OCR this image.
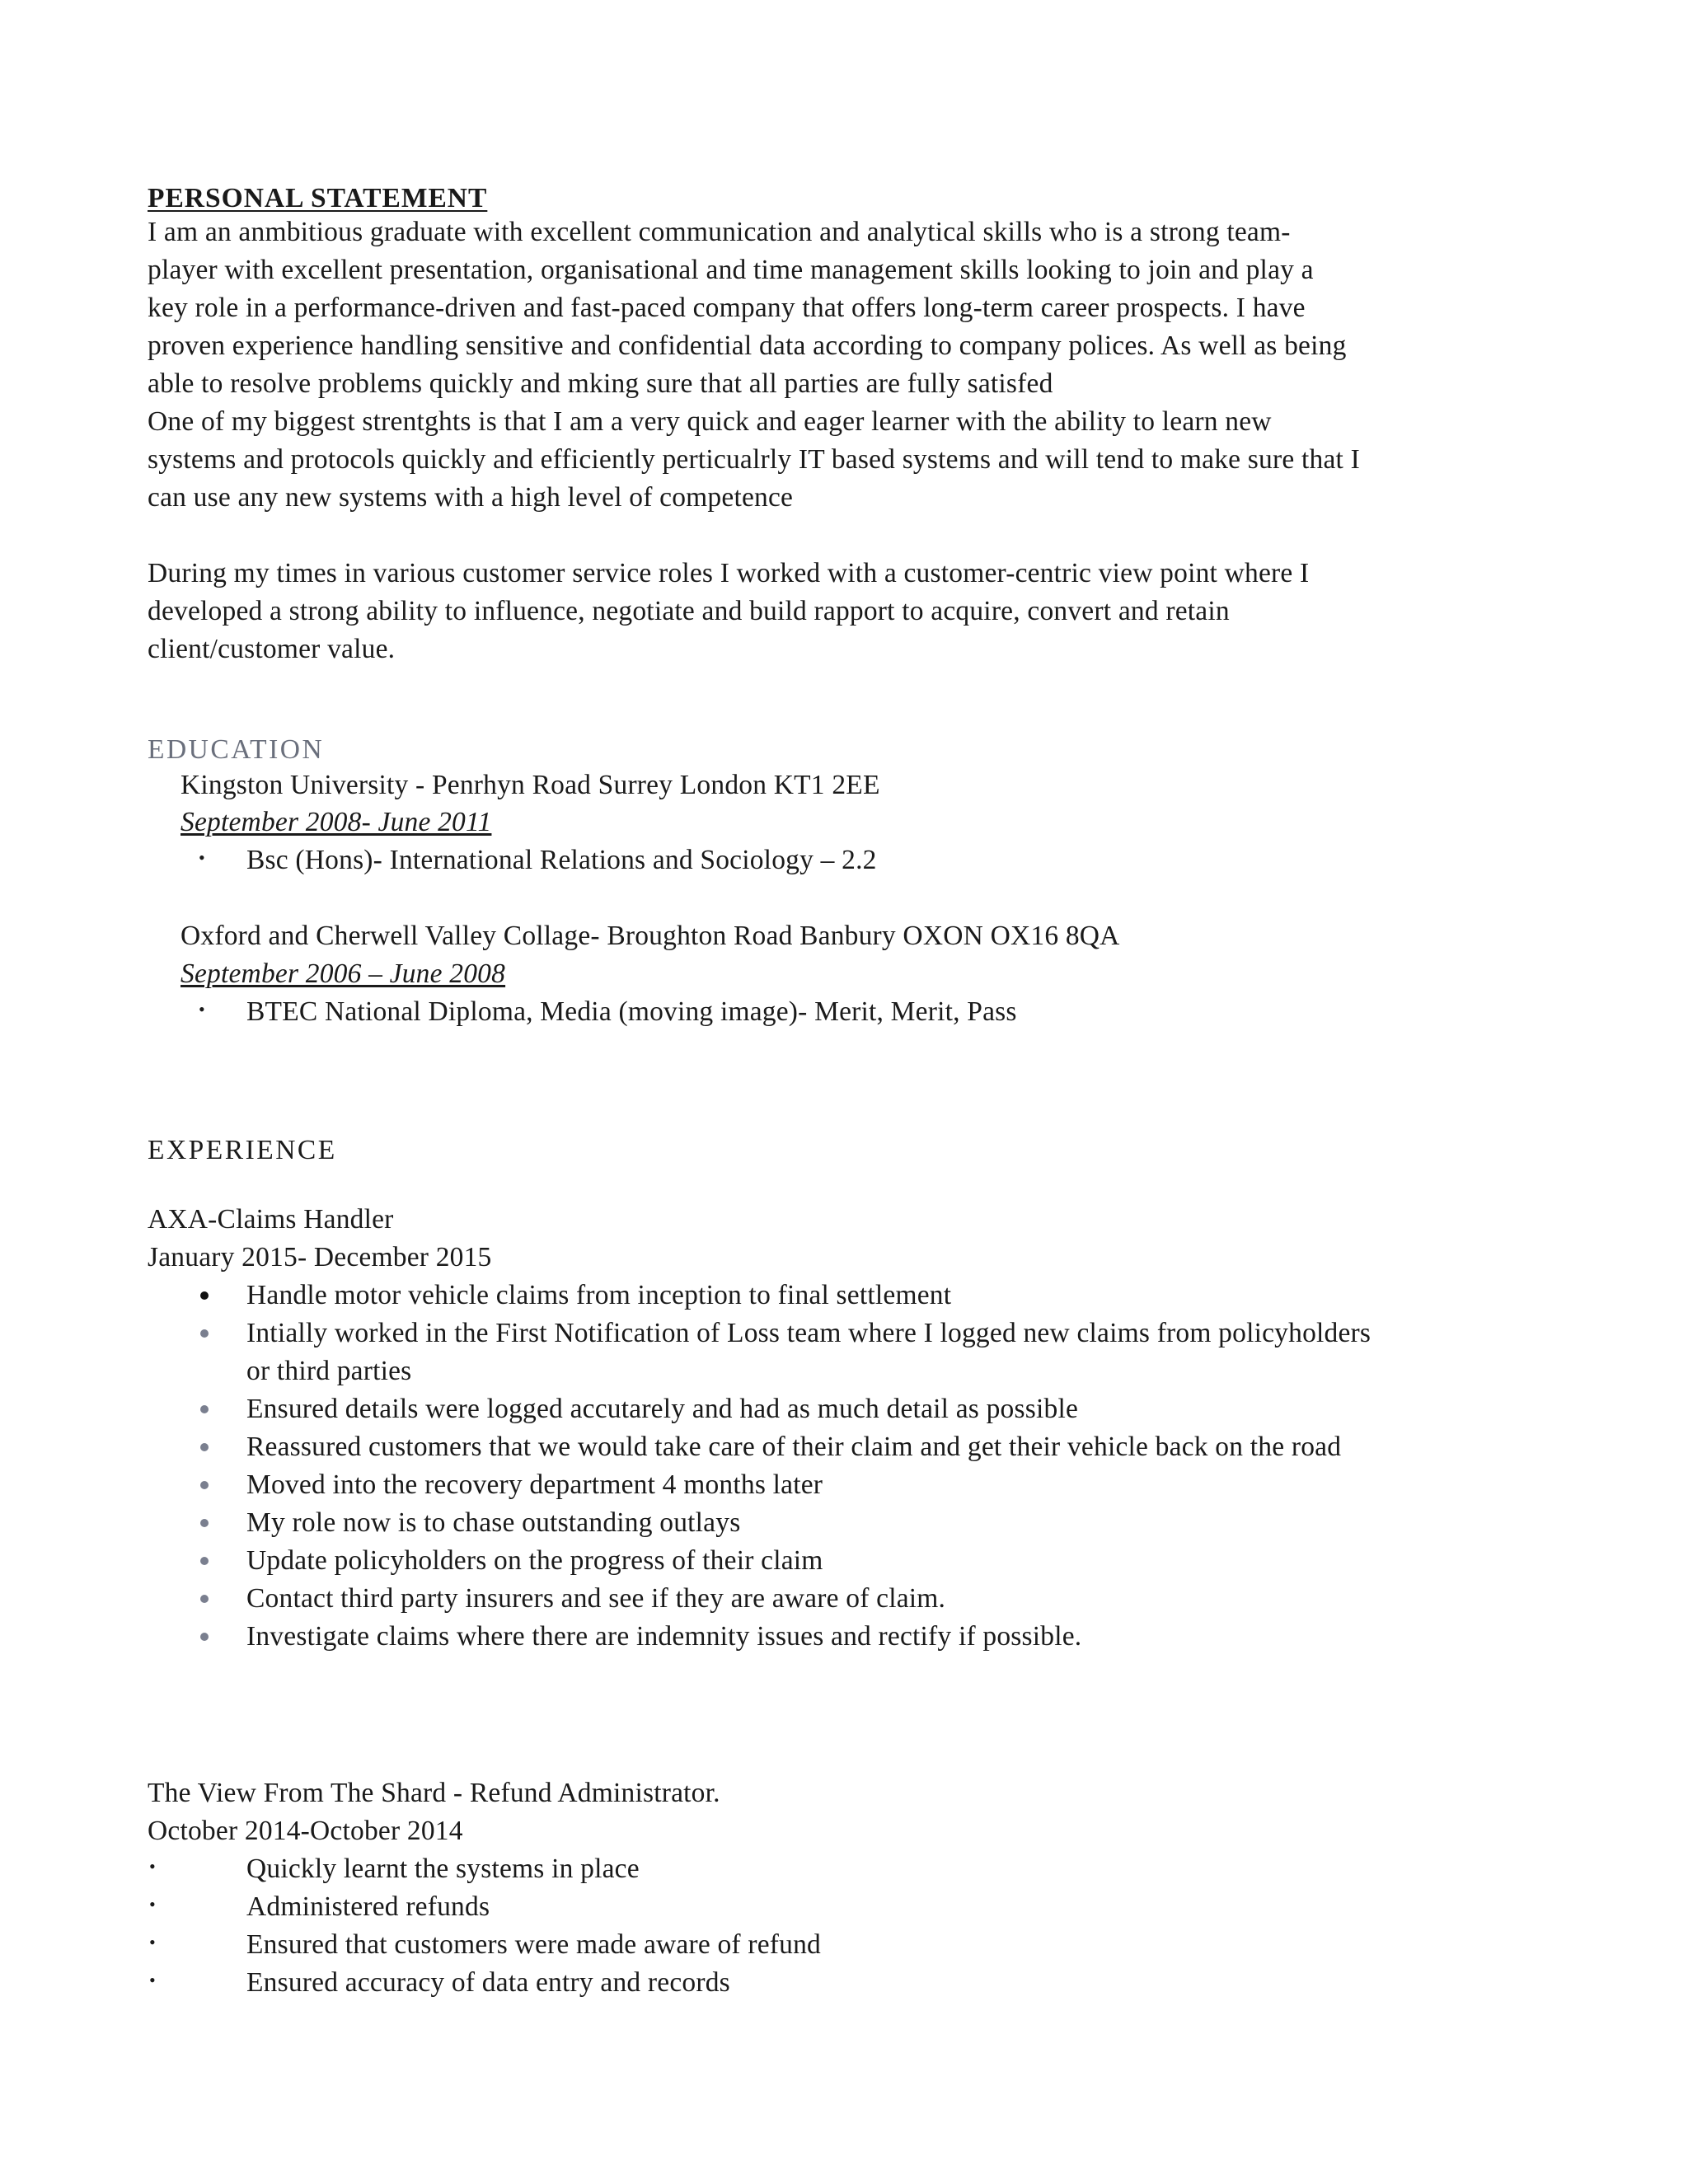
PERSONAL STATEMENT
I am an anmbitious graduate with excellent communication and analytical skills who is a strong team-
player with excellent presentation, organisational and time management skills looking to join and play a
key role in a performance-driven and fast-paced company that offers long-term career prospects. I have
proven experience handling sensitive and confidential data according to company polices. As well as being
able to resolve problems quickly and mking sure that all parties are fully satisfed
One of my biggest strentghts is that I am a very quick and eager learner with the ability to learn new
systems and protocols quickly and efficiently perticualrly IT based systems and will tend to make sure that I
can use any new systems with a high level of competence
During my times in various customer service roles I worked with a customer-centric view point where I
developed a strong ability to influence, negotiate and build rapport to acquire, convert and retain
client/customer value.
EDUCATION
Kingston University - Penrhyn Road Surrey London KT1 2EE
September 2008- June 2011
• Bsc (Hons)- International Relations and Sociology – 2.2
Oxford and Cherwell Valley Collage- Broughton Road Banbury OXON OX16 8QA
September 2006 – June 2008
• BTEC National Diploma, Media (moving image)- Merit, Merit, Pass
EXPERIENCE
AXA-Claims Handler
January 2015- December 2015
Handle motor vehicle claims from inception to final settlement
Intially worked in the First Notification of Loss team where I logged new claims from policyholders
or third parties
Ensured details were logged accutarely and had as much detail as possible
Reassured customers that we would take care of their claim and get their vehicle back on the road
Moved into the recovery department 4 months later
My role now is to chase outstanding outlays
Update policyholders on the progress of their claim
Contact third party insurers and see if they are aware of claim.
Investigate claims where there are indemnity issues and rectify if possible.
The View From The Shard - Refund Administrator.
October 2014-October 2014
•	Quickly learnt the systems in place
•	Administered refunds
•	Ensured that customers were made aware of refund
•	Ensured accuracy of data entry and records
